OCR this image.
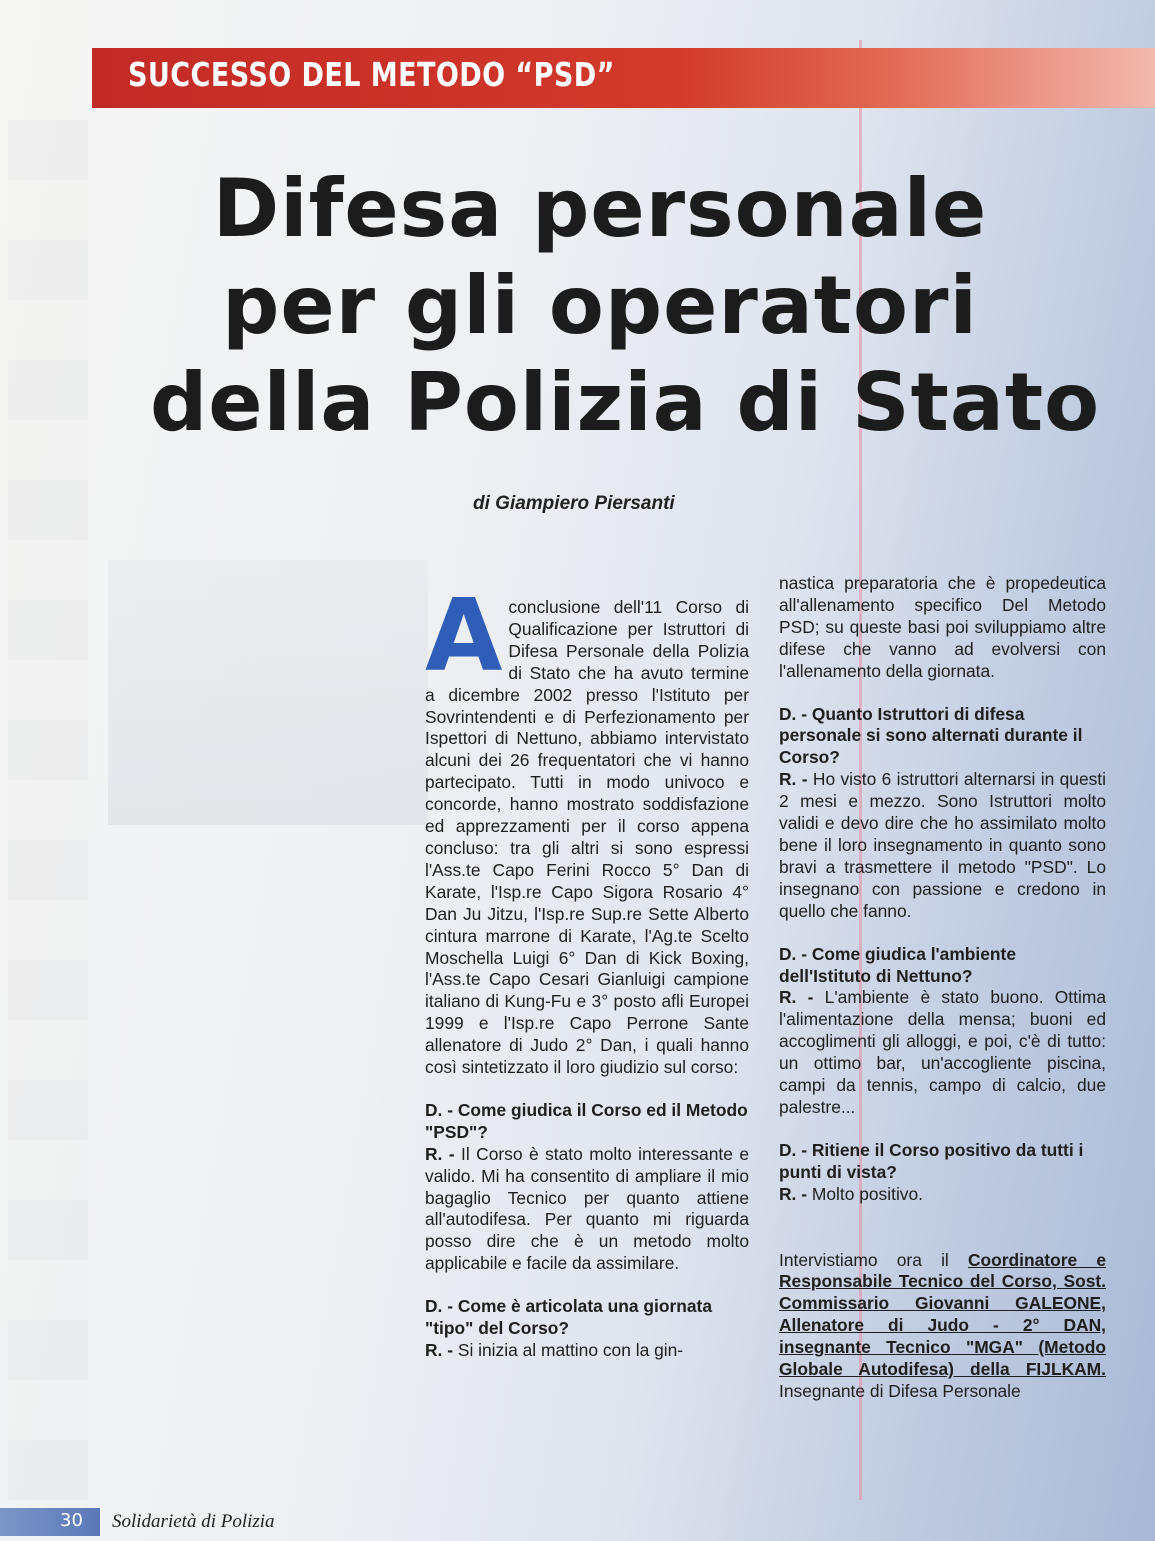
SUCCESSO DEL METODO “PSD”
Difesa personale
per gli operatori
della Polizia di Stato
di Giampiero Piersanti

Aconclusione dell'11 Corso di Qualificazione per Istruttori di Difesa Personale della Polizia di Stato che ha avuto termine a dicembre 2002 presso l'Istituto per Sovrintendenti e di Perfezionamento per Ispettori di Nettuno, abbiamo intervistato alcuni dei 26 frequentatori che vi hanno partecipato. Tutti in modo univoco e concorde, hanno mostrato soddisfazione ed apprezzamenti per il corso appena concluso: tra gli altri si sono espressi l'Ass.te Capo Ferini Rocco 5° Dan di Karate, l'Isp.re Capo Sigora Rosario 4° Dan Ju Jitzu, l'Isp.re Sup.re Sette Alberto cintura marrone di Karate, l'Ag.te Scelto Moschella Luigi 6° Dan di Kick Boxing, l'Ass.te Capo Cesari Gianluigi campione italiano di Kung-Fu e 3° posto afli Europei 1999 e l'Isp.re Capo Perrone Sante allenatore di Judo 2° Dan, i quali hanno così sintetizzato il loro giudizio sul corso:

D. - Come giudica il Corso ed il Metodo "PSD"?

R. - Il Corso è stato molto interessante e valido. Mi ha consentito di ampliare il mio bagaglio Tecnico per quanto attiene all'autodifesa. Per quanto mi riguarda posso dire che è un metodo molto applicabile e facile da assimilare.

D. - Come è articolata una giornata "tipo" del Corso?

R. - Si inizia al mattino con la gin-

nastica preparatoria che è propedeutica all'allenamento specifico Del Metodo PSD; su queste basi poi sviluppiamo altre difese che vanno ad evolversi con l'allenamento della giornata.

D. - Quanto Istruttori di difesa personale si sono alternati durante il Corso?

R. - Ho visto 6 istruttori alternarsi in questi 2 mesi e mezzo. Sono Istruttori molto validi e devo dire che ho assimilato molto bene il loro insegnamento in quanto sono bravi a trasmettere il metodo "PSD". Lo insegnano con passione e credono in quello che fanno.

D. - Come giudica l'ambiente dell'Istituto di Nettuno?

R. - L'ambiente è stato buono. Ottima l'alimentazione della mensa; buoni ed accoglimenti gli alloggi, e poi, c'è di tutto: un ottimo bar, un'accogliente piscina, campi da tennis, campo di calcio, due palestre...

D. - Ritiene il Corso positivo da tutti i punti di vista?

R. - Molto positivo.

Intervistiamo ora il Coordinatore e Responsabile Tecnico del Corso, Sost. Commissario Giovanni GALEONE, Allenatore di Judo - 2° DAN, insegnante Tecnico "MGA" (Metodo Globale Autodifesa) della FIJLKAM. Insegnante di Difesa Personale

30 Solidarietà di Polizia
